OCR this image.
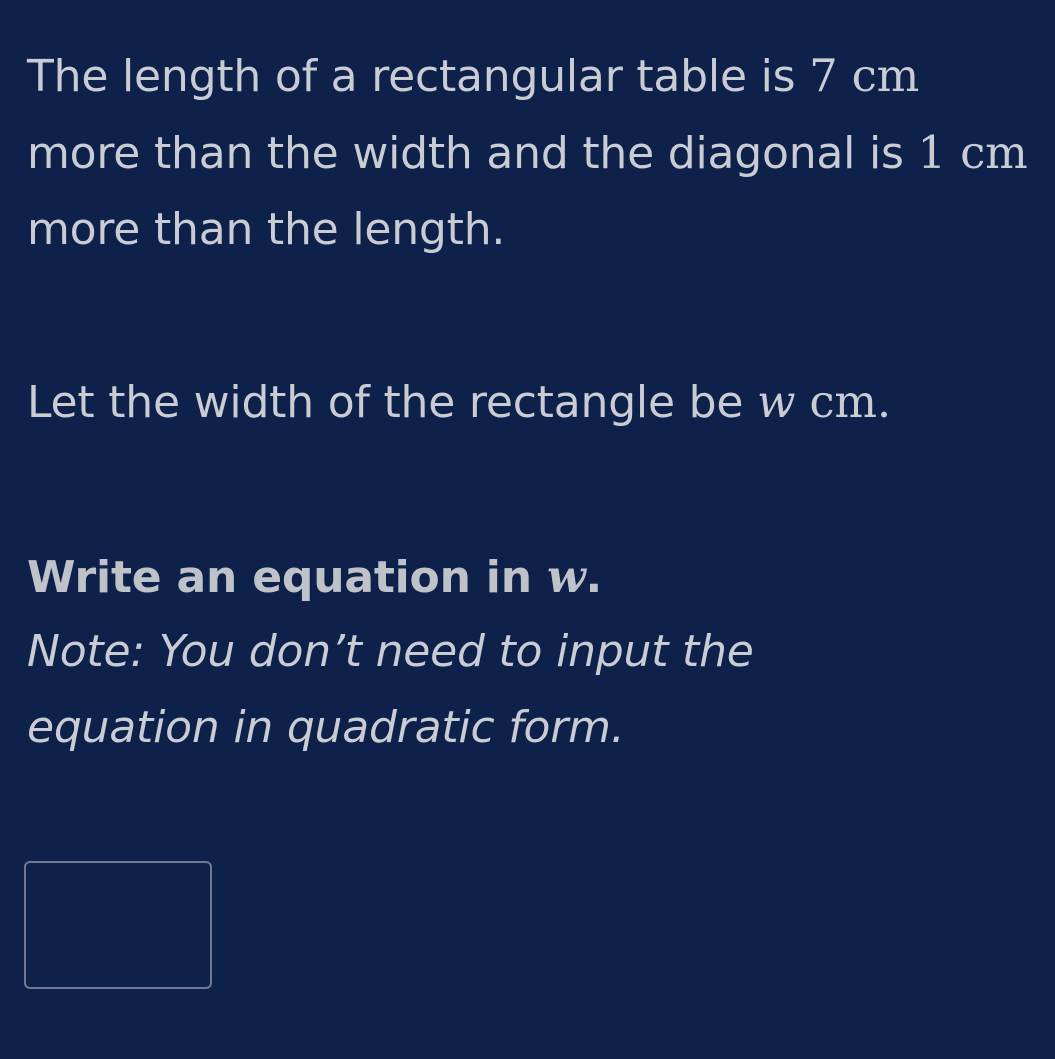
The length of a rectangular table is 7 cm more than the width and the diagonal is 1 cm more than the length.

Let the width of the rectangle be w cm.

Write an equation in w.

Note: You don’t need to input the equation in quadratic form.
